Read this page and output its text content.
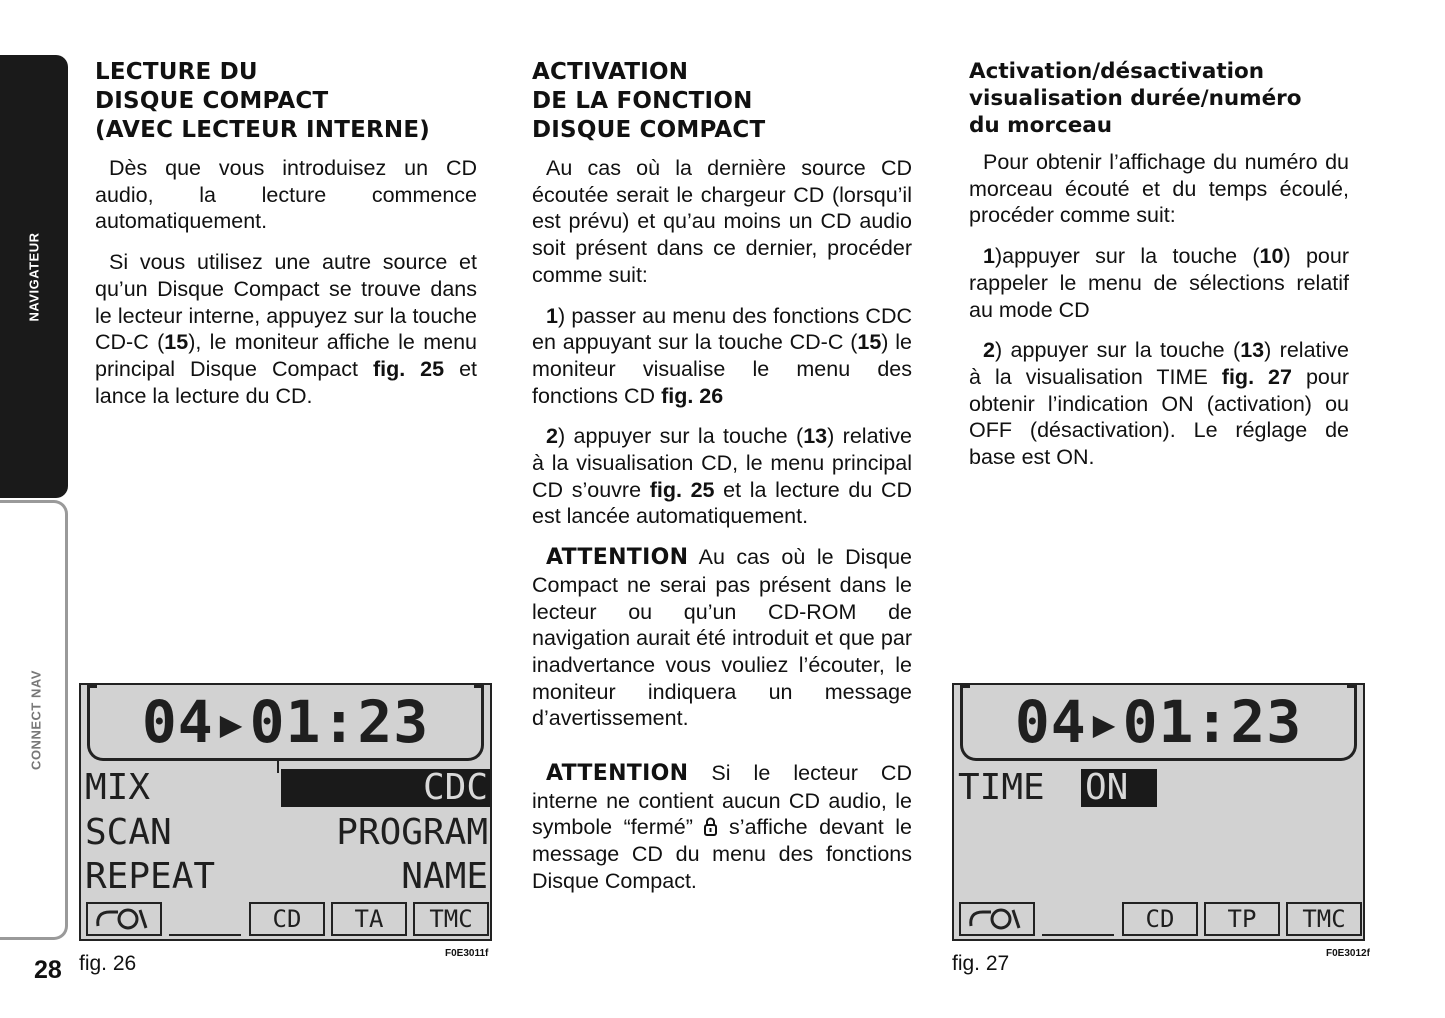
NAVIGATEUR
CONNECT NAV
28
LECTURE DU
DISQUE COMPACT
(AVEC LECTEUR INTERNE)

Dès que vous introduisez un CD audio, la lecture commence automatiquement.

Si vous utilisez une autre source et qu’un Disque Compact se trouve dans le lecteur interne, appuyez sur la touche CD-C (15), le moniteur affiche le menu principal Disque Compact fig. 25 et lance la lecture du CD.

ACTIVATION
DE LA FONCTION
DISQUE COMPACT

Au cas où la dernière source CD écoutée serait le chargeur CD (lorsqu’il est prévu) et qu’au moins un CD audio soit présent dans ce dernier, procéder comme suit:

1) passer au menu des fonctions CDC en appuyant sur la touche CD-C (15) le moniteur visualise le menu des fonctions CD fig. 26

2) appuyer sur la touche (13) relative à la visualisation CD, le menu principal CD s’ouvre fig. 25 et la lecture du CD est lancée automatiquement.

ATTENTION Au cas où le Disque Compact ne serai pas présent dans le lecteur ou qu’un CD-ROM de navigation aurait été introduit et que par inadvertance vous vouliez l’écouter, le moniteur indiquera un message d’avertissement.

ATTENTION Si le lecteur CD interne ne contient aucun CD audio, le symbole “fermé”  s’affiche devant le message CD du menu des fonctions Disque Compact.

Activation/désactivation
visualisation durée/numéro
du morceau

Pour obtenir l’affichage du numéro du morceau écouté et du temps écoulé, procéder comme suit:

1)appuyer sur la touche (10) pour rappeler le menu de sélections relatif au mode CD

2) appuyer sur la touche (13) relative à la visualisation TIME fig. 27 pour obtenir l’indication ON (activation) ou OFF (désactivation). Le réglage de base est ON.

04▸01:23
MIX	CDC
SCAN	PROGRAM
REPEAT	NAME
CD	TA	TMC
fig. 26	F0E3011f
04▸01:23
TIME ON
CD	TP	TMC
fig. 27	F0E3012f
